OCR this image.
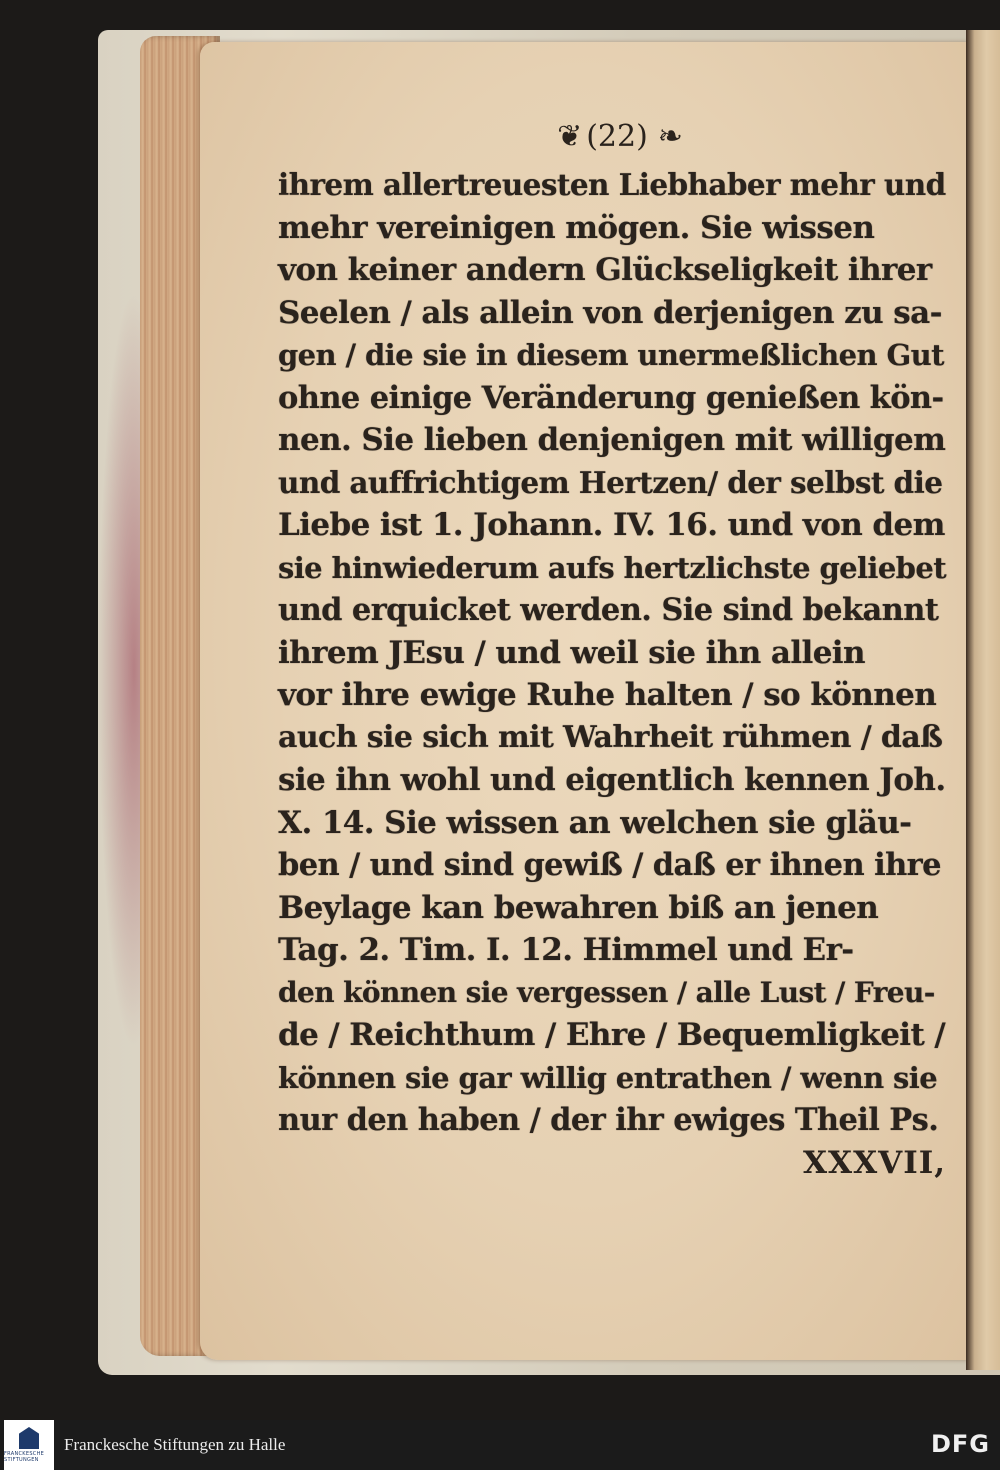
❦ (22) ❧
ihrem allertreuesten Liebhaber mehr und
mehr vereinigen mögen. Sie wissen
von keiner andern Glückseligkeit ihrer
Seelen / als allein von derjenigen zu sa-
gen / die sie in diesem unermeßlichen Gut
ohne einige Veränderung genießen kön-
nen. Sie lieben denjenigen mit willigem
und auffrichtigem Hertzen/ der selbst die
Liebe ist 1. Johann. IV. 16. und von dem
sie hinwiederum aufs hertzlichste geliebet
und erquicket werden. Sie sind bekannt
ihrem JEsu / und weil sie ihn allein
vor ihre ewige Ruhe halten / so können
auch sie sich mit Wahrheit rühmen / daß
sie ihn wohl und eigentlich kennen Joh.
X. 14. Sie wissen an welchen sie gläu-
ben / und sind gewiß / daß er ihnen ihre
Beylage kan bewahren biß an jenen
Tag. 2. Tim. I. 12. Himmel und Er-
den können sie vergessen / alle Lust / Freu-
de / Reichthum / Ehre / Bequemligkeit /
können sie gar willig entrathen / wenn sie
nur den haben / der ihr ewiges Theil Ps.
XXXVII,
FRANCKESCHE STIFTUNGEN
Franckesche Stiftungen zu Halle	DFG
